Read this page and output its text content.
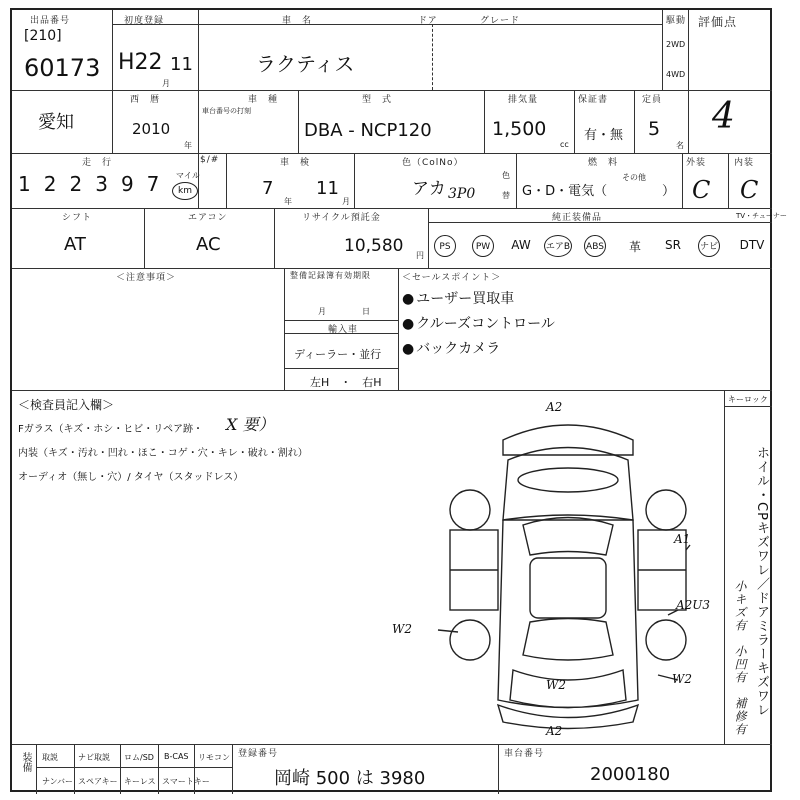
出品番号
[210]
60173
初度登録
H22 11
月
車　名
ラクティス
ドア	グレード	駆動
2WD
4WD
評価点
4
愛知
西　暦
2010
年
車　種
車台番号の打刻
型　式
DBA - NCP120
排気量
1,500
cc
保証書
有・無
定員
5
名
走　行
122397 マイル
km
$/#	車　検
7
年
11
月
色（ColNo）
アカ 3P0
色
替
燃　料
G・D・電気（
その他
）
外装
C
内装
C
シフト
AT
エアコン
AC
リサイクル預託金
10,580 円
純正装備品	TV・チューナー
PS	PW	AW	エアB ABS	革	SR	ナビ	DTV
＜注意事項＞	整備記録簿有効期限
月	日
輸入車
ディーラー・並行
左H　・　右H
＜セールスポイント＞
● ユーザー買取車
● クルーズコントロール
● バックカメラ
＜検査員記入欄＞
Fガラス（キズ・ホシ・ヒビ・リペア跡・ X 要）
内装（キズ・汚れ・凹れ・ほこ・コゲ・穴・キレ・破れ・割れ）
オーディオ（無し・穴）/ タイヤ（スタッドレス）
キーロック
ホイル・CPキズワレ／ドアミラーキズワレ
小キズ有　小凹有　補修有
A2
A1
A2U3
W2
W2	W2
A2
装備 取説	ナビ取説 ロム/SD B-CAS リモコン
ナンバー スペアキー キーレス スマートキー
登録番号
岡崎 500 は 3980
車台番号
2000180
